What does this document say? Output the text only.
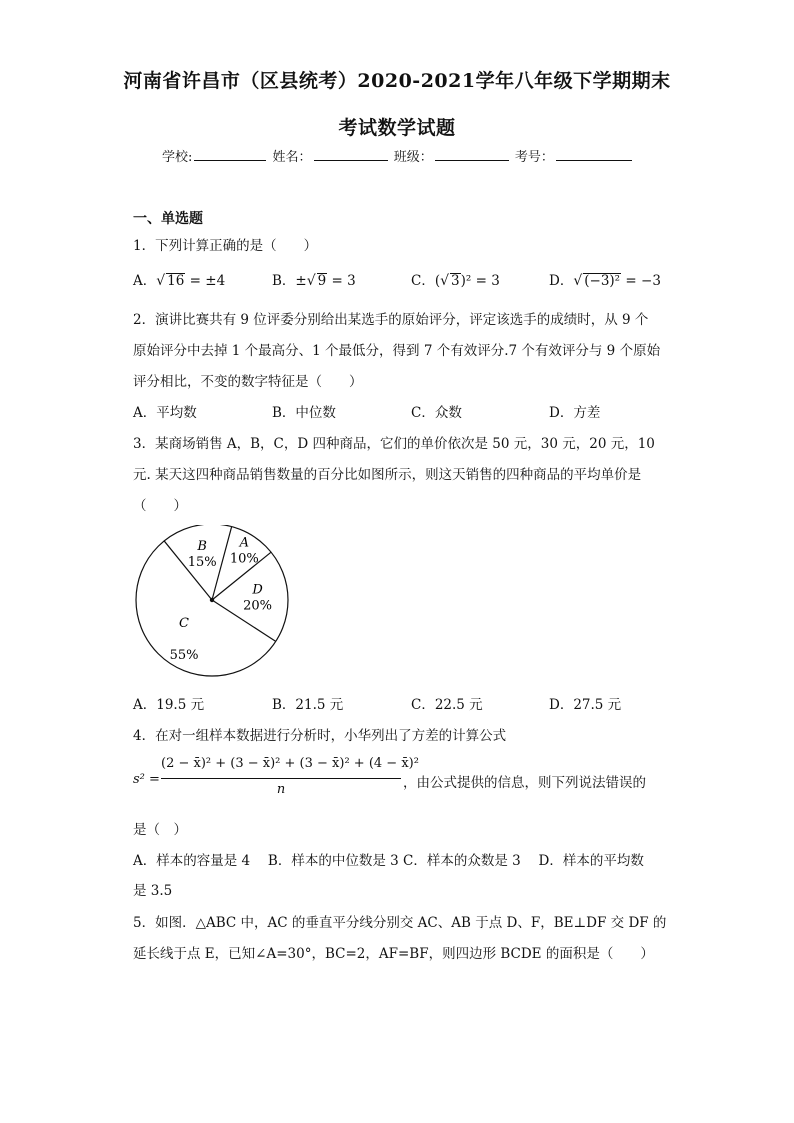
河南省许昌市（区县统考）2020-2021学年八年级下学期期末
考试数学试题
学校:	姓名：	班级：	考号：
一、单选题
1．下列计算正确的是（　　）
A．√ 16 = ±4	B．±√ 9 = 3	C．(√ 3)² = 3	D．√ (−3)² = −3
2．演讲比赛共有 9 位评委分别给出某选手的原始评分，评定该选手的成绩时，从 9 个
原始评分中去掉 1 个最高分、1 个最低分，得到 7 个有效评分.7 个有效评分与 9 个原始
评分相比，不变的数字特征是（　　）
A．平均数	B．中位数	C．众数	D．方差
3．某商场销售 A，B，C，D 四种商品，它们的单价依次是 50 元，30 元，20 元，10
元. 某天这四种商品销售数量的百分比如图所示，则这天销售的四种商品的平均单价是
（　　）
A
10%
D
20%
C
55%
B
15%
A．19.5 元	B．21.5 元	C．22.5 元	D．27.5 元
4．在对一组样本数据进行分析时，小华列出了方差的计算公式
s² =
(2 − x̄)² + (3 − x̄)² + (3 − x̄)² + (4 − x̄)²
n	，由公式提供的信息，则下列说法错误的
是（　）
A．样本的容量是 4　 B．样本的中位数是 3 C．样本的众数是 3　 D．样本的平均数
是 3.5
5．如图．△ABC 中，AC 的垂直平分线分别交 AC、AB 于点 D、F，BE⊥DF 交 DF 的
延长线于点 E，已知∠A=30°，BC=2，AF=BF，则四边形 BCDE 的面积是（　　）
